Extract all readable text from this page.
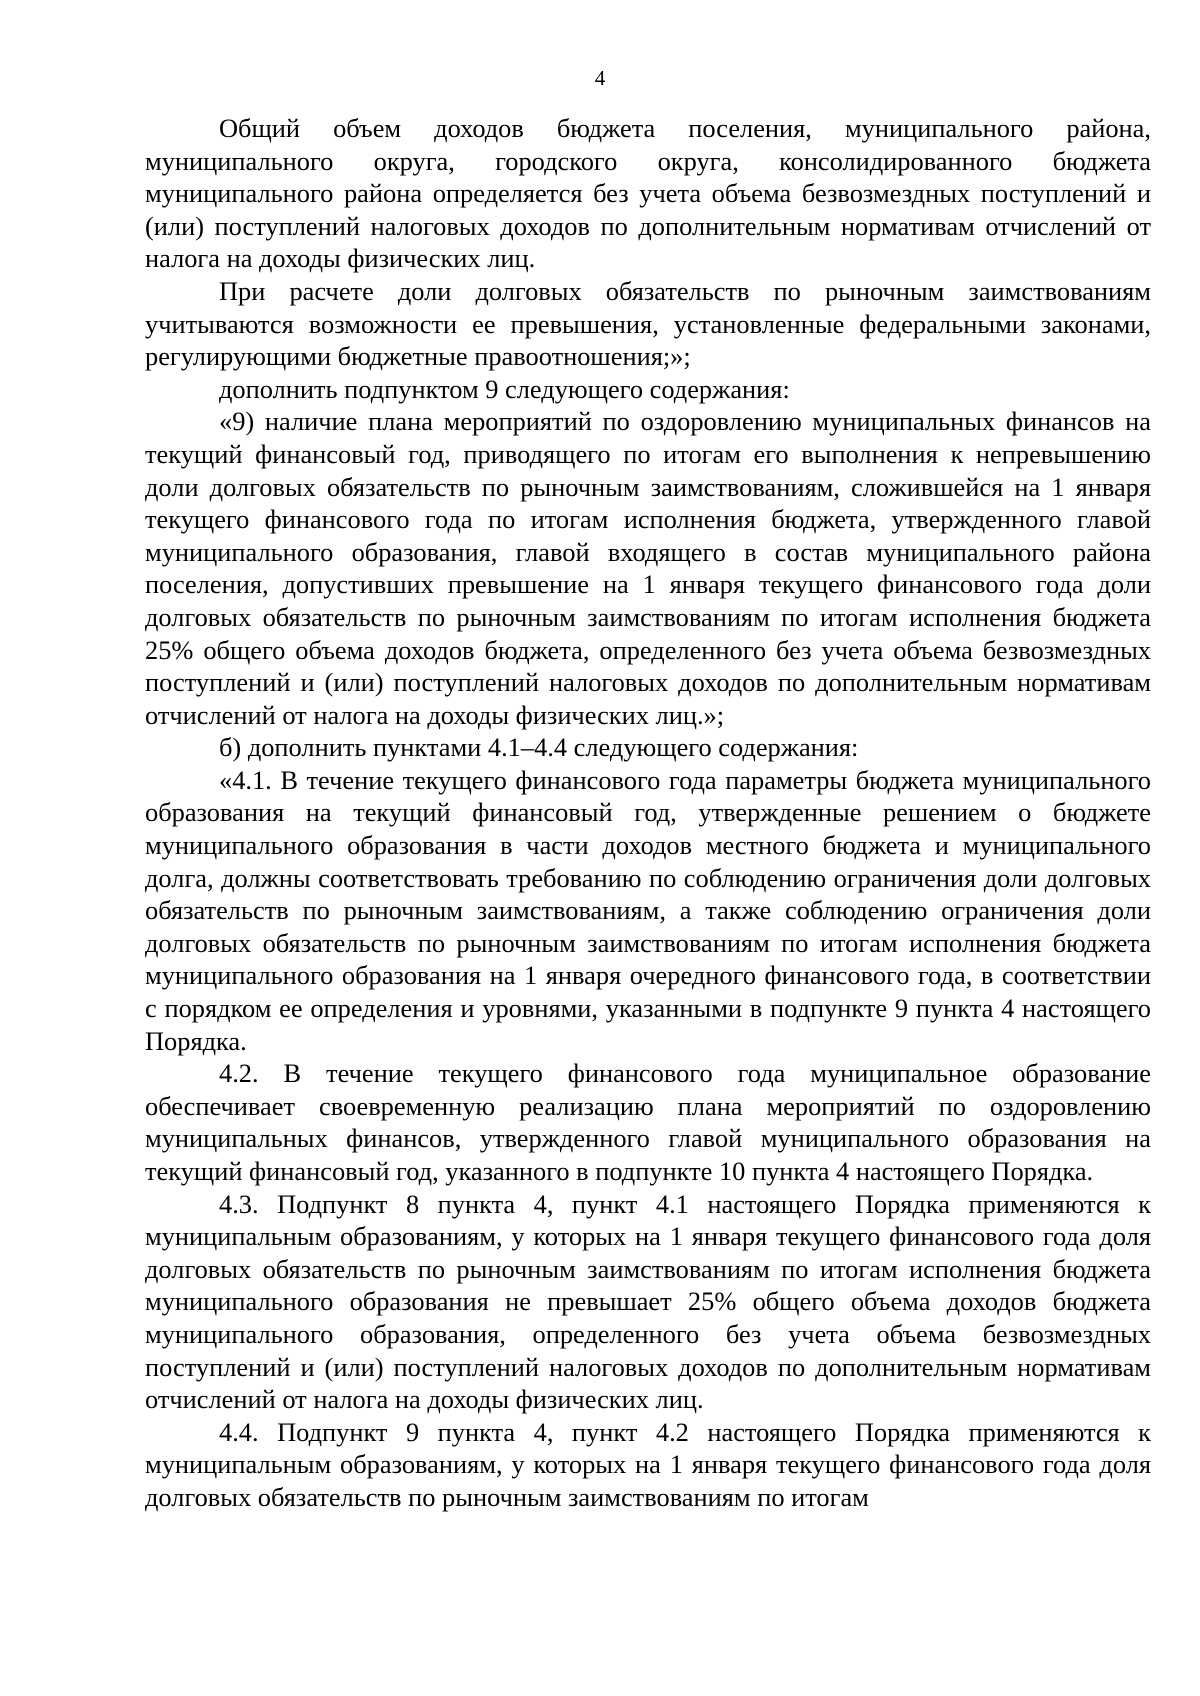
4

Общий объем доходов бюджета поселения, муниципального района, муниципального округа, городского округа, консолидированного бюджета муниципального района определяется без учета объема безвозмездных поступлений и (или) поступлений налоговых доходов по дополнительным нормативам отчислений от налога на доходы физических лиц.

При расчете доли долговых обязательств по рыночным заимствованиям учитываются возможности ее превышения, установленные федеральными законами, регулирующими бюджетные правоотношения;»;

дополнить подпунктом 9 следующего содержания:

«9) наличие плана мероприятий по оздоровлению муниципальных финансов на текущий финансовый год, приводящего по итогам его выполнения к непревышению доли долговых обязательств по рыночным заимствованиям, сложившейся на 1 января текущего финансового года по итогам исполнения бюджета, утвержденного главой муниципального образования, главой входящего в состав муниципального района поселения, допустивших превышение на 1 января текущего финансового года доли долговых обязательств по рыночным заимствованиям по итогам исполнения бюджета 25% общего объема доходов бюджета, определенного без учета объема безвозмездных поступлений и (или) поступлений налоговых доходов по дополнительным нормативам отчислений от налога на доходы физических лиц.»;

б) дополнить пунктами 4.1–4.4 следующего содержания:

«4.1. В течение текущего финансового года параметры бюджета муниципального образования на текущий финансовый год, утвержденные решением о бюджете муниципального образования в части доходов местного бюджета и муниципального долга, должны соответствовать требованию по соблюдению ограничения доли долговых обязательств по рыночным заимствованиям, а также соблюдению ограничения доли долговых обязательств по рыночным заимствованиям по итогам исполнения бюджета муниципального образования на 1 января очередного финансового года, в соответствии с порядком ее определения и уровнями, указанными в подпункте 9 пункта 4 настоящего Порядка.

4.2. В течение текущего финансового года муниципальное образование обеспечивает своевременную реализацию плана мероприятий по оздоровлению муниципальных финансов, утвержденного главой муниципального образования на текущий финансовый год, указанного в подпункте 10 пункта 4 настоящего Порядка.

4.3. Подпункт 8 пункта 4, пункт 4.1 настоящего Порядка применяются к муниципальным образованиям, у которых на 1 января текущего финансового года доля долговых обязательств по рыночным заимствованиям по итогам исполнения бюджета муниципального образования не превышает 25% общего объема доходов бюджета муниципального образования, определенного без учета объема безвозмездных поступлений и (или) поступлений налоговых доходов по дополнительным нормативам отчислений от налога на доходы физических лиц.

4.4. Подпункт 9 пункта 4, пункт 4.2 настоящего Порядка применяются к муниципальным образованиям, у которых на 1 января текущего финансового года доля долговых обязательств по рыночным заимствованиям по итогам
